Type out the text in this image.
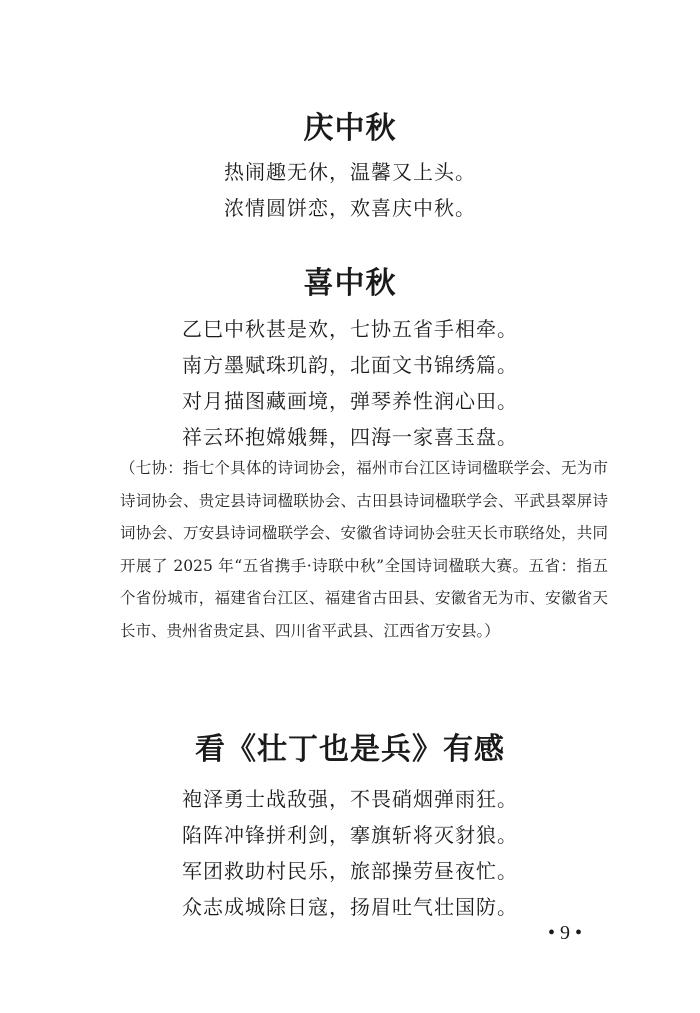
庆中秋
热闹趣无休，温馨又上头。
浓情圆饼恋，欢喜庆中秋。
喜中秋
乙巳中秋甚是欢，七协五省手相牵。
南方墨赋珠玑韵，北面文书锦绣篇。
对月描图藏画境，弹琴养性润心田。
祥云环抱嫦娥舞，四海一家喜玉盘。
（七协：指七个具体的诗词协会，福州市台江区诗词楹联学会、无为市诗词协会、贵定县诗词楹联协会、古田县诗词楹联学会、平武县翠屏诗词协会、万安县诗词楹联学会、安徽省诗词协会驻天长市联络处，共同开展了 2025 年“五省携手·诗联中秋”全国诗词楹联大赛。五省：指五个省份城市，福建省台江区、福建省古田县、安徽省无为市、安徽省天长市、贵州省贵定县、四川省平武县、江西省万安县。）
看《壮丁也是兵》有感
袍泽勇士战敌强，不畏硝烟弹雨狂。
陷阵冲锋拼利剑，搴旗斩将灭豺狼。
军团救助村民乐，旅部操劳昼夜忙。
众志成城除日寇，扬眉吐气壮国防。
• 9 •
